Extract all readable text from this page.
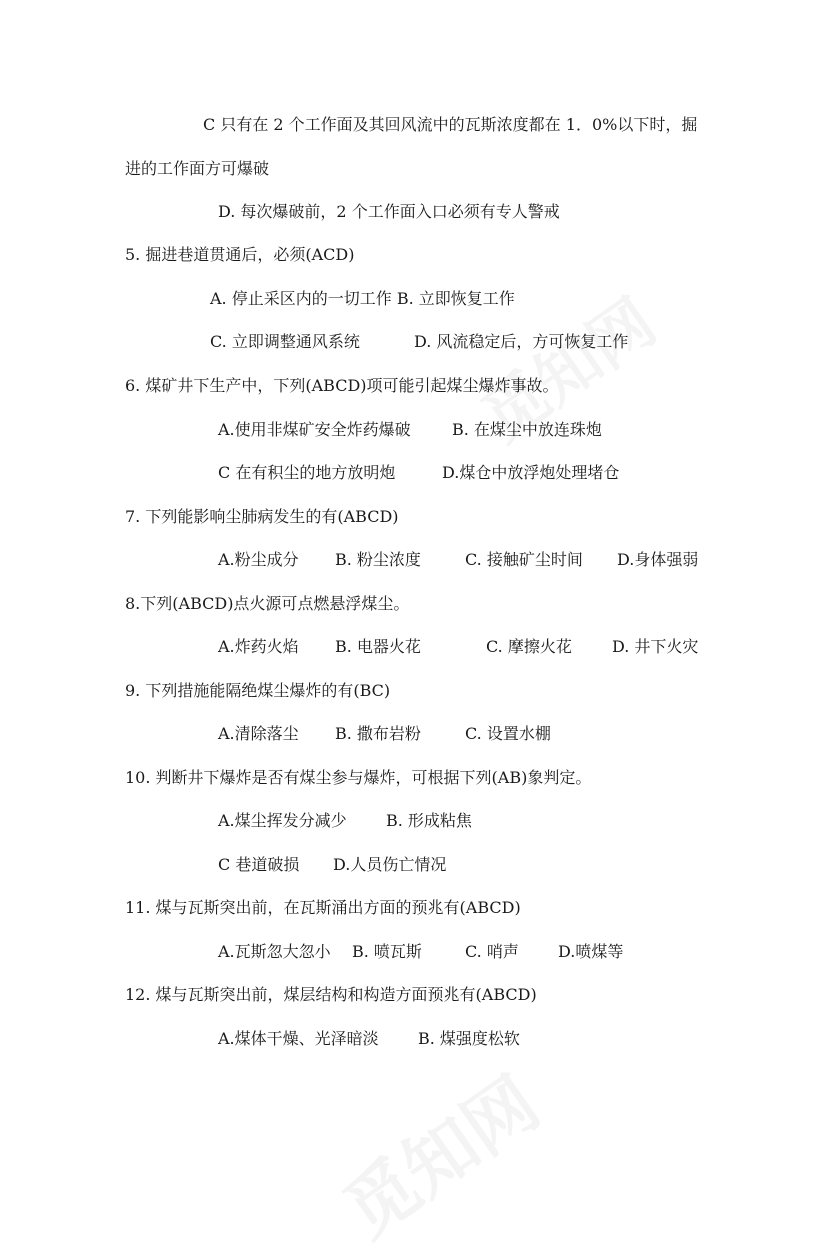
C 只有在 2 个工作面及其回风流中的瓦斯浓度都在 1．0%以下时，掘
进的工作面方可爆破
D. 每次爆破前，2 个工作面入口必须有专人警戒
5. 掘进巷道贯通后，必须(ACD)
A. 停止采区内的一切工作 B. 立即恢复工作
C. 立即调整通风系统	D. 风流稳定后，方可恢复工作
6. 煤矿井下生产中，下列(ABCD)项可能引起煤尘爆炸事故。
A.使用非煤矿安全炸药爆破	B. 在煤尘中放连珠炮
C 在有积尘的地方放明炮	D.煤仓中放浮炮处理堵仓
7. 下列能影响尘肺病发生的有(ABCD)
A.粉尘成分 B. 粉尘浓度	C. 接触矿尘时间 D.身体强弱
8.下列(ABCD)点火源可点燃悬浮煤尘。
A.炸药火焰 B. 电器火花	C. 摩擦火花	D. 井下火灾
9. 下列措施能隔绝煤尘爆炸的有(BC)
A.清除落尘 B. 撒布岩粉	C. 设置水棚
10. 判断井下爆炸是否有煤尘参与爆炸，可根据下列(AB)象判定。
A.煤尘挥发分减少 B. 形成粘焦
C 巷道破损 D.人员伤亡情况
11. 煤与瓦斯突出前，在瓦斯涌出方面的预兆有(ABCD)
A.瓦斯忽大忽小 B. 喷瓦斯	C. 哨声 D.喷煤等
12. 煤与瓦斯突出前，煤层结构和构造方面预兆有(ABCD)
A.煤体干燥、光泽暗淡 B. 煤强度松软
